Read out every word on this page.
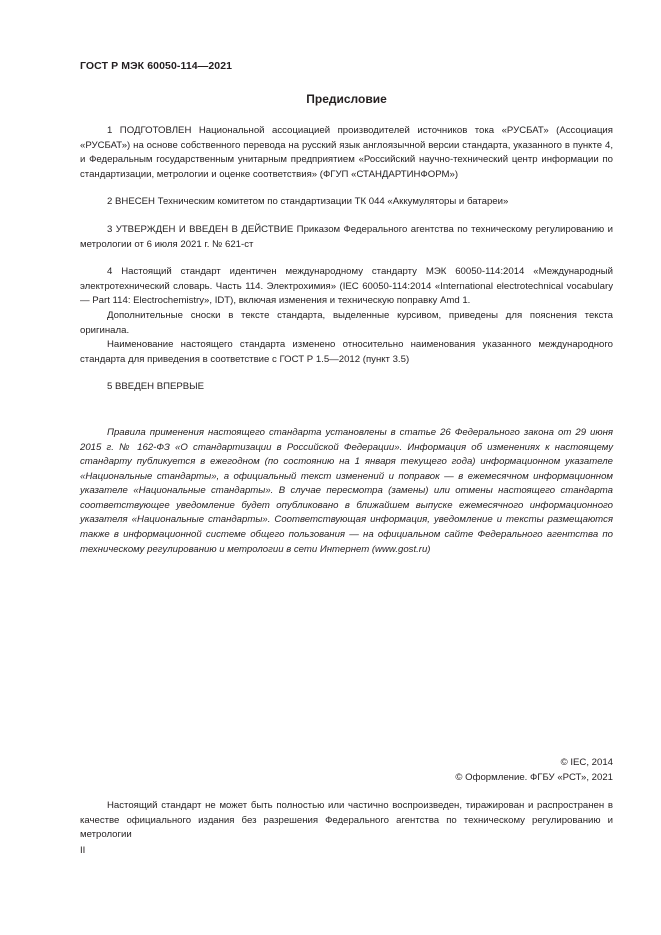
ГОСТ Р МЭК 60050-114—2021
Предисловие

1 ПОДГОТОВЛЕН Национальной ассоциацией производителей источников тока «РУСБАТ» (Ассоциация «РУСБАТ») на основе собственного перевода на русский язык англоязычной версии стандарта, указанного в пункте 4, и Федеральным государственным унитарным предприятием «Российский научно-технический центр информации по стандартизации, метрологии и оценке соответствия» (ФГУП «СТАНДАРТИНФОРМ»)

2 ВНЕСЕН Техническим комитетом по стандартизации ТК 044 «Аккумуляторы и батареи»

3 УТВЕРЖДЕН И ВВЕДЕН В ДЕЙСТВИЕ Приказом Федерального агентства по техническому регулированию и метрологии от 6 июля 2021 г. № 621-ст

4 Настоящий стандарт идентичен международному стандарту МЭК 60050-114:2014 «Международный электротехнический словарь. Часть 114. Электрохимия» (IEC 60050-114:2014 «International electrotechnical vocabulary — Part 114: Electrochemistry», IDT), включая изменения и техническую поправку Amd 1.

Дополнительные сноски в тексте стандарта, выделенные курсивом, приведены для пояснения текста оригинала.

Наименование настоящего стандарта изменено относительно наименования указанного международного стандарта для приведения в соответствие с ГОСТ Р 1.5—2012 (пункт 3.5)

5 ВВЕДЕН ВПЕРВЫЕ

Правила применения настоящего стандарта установлены в статье 26 Федерального закона от 29 июня 2015 г. № 162-ФЗ «О стандартизации в Российской Федерации». Информация об изменениях к настоящему стандарту публикуется в ежегодном (по состоянию на 1 января текущего года) информационном указателе «Национальные стандарты», а официальный текст изменений и поправок — в ежемесячном информационном указателе «Национальные стандарты». В случае пересмотра (замены) или отмены настоящего стандарта соответствующее уведомление будет опубликовано в ближайшем выпуске ежемесячного информационного указателя «Национальные стандарты». Соответствующая информация, уведомление и тексты размещаются также в информационной системе общего пользования — на официальном сайте Федерального агентства по техническому регулированию и метрологии в сети Интернет (www.gost.ru)

© IEC, 2014
© Оформление. ФГБУ «РСТ», 2021
Настоящий стандарт не может быть полностью или частично воспроизведен, тиражирован и распространен в качестве официального издания без разрешения Федерального агентства по техническому регулированию и метрологии
II
